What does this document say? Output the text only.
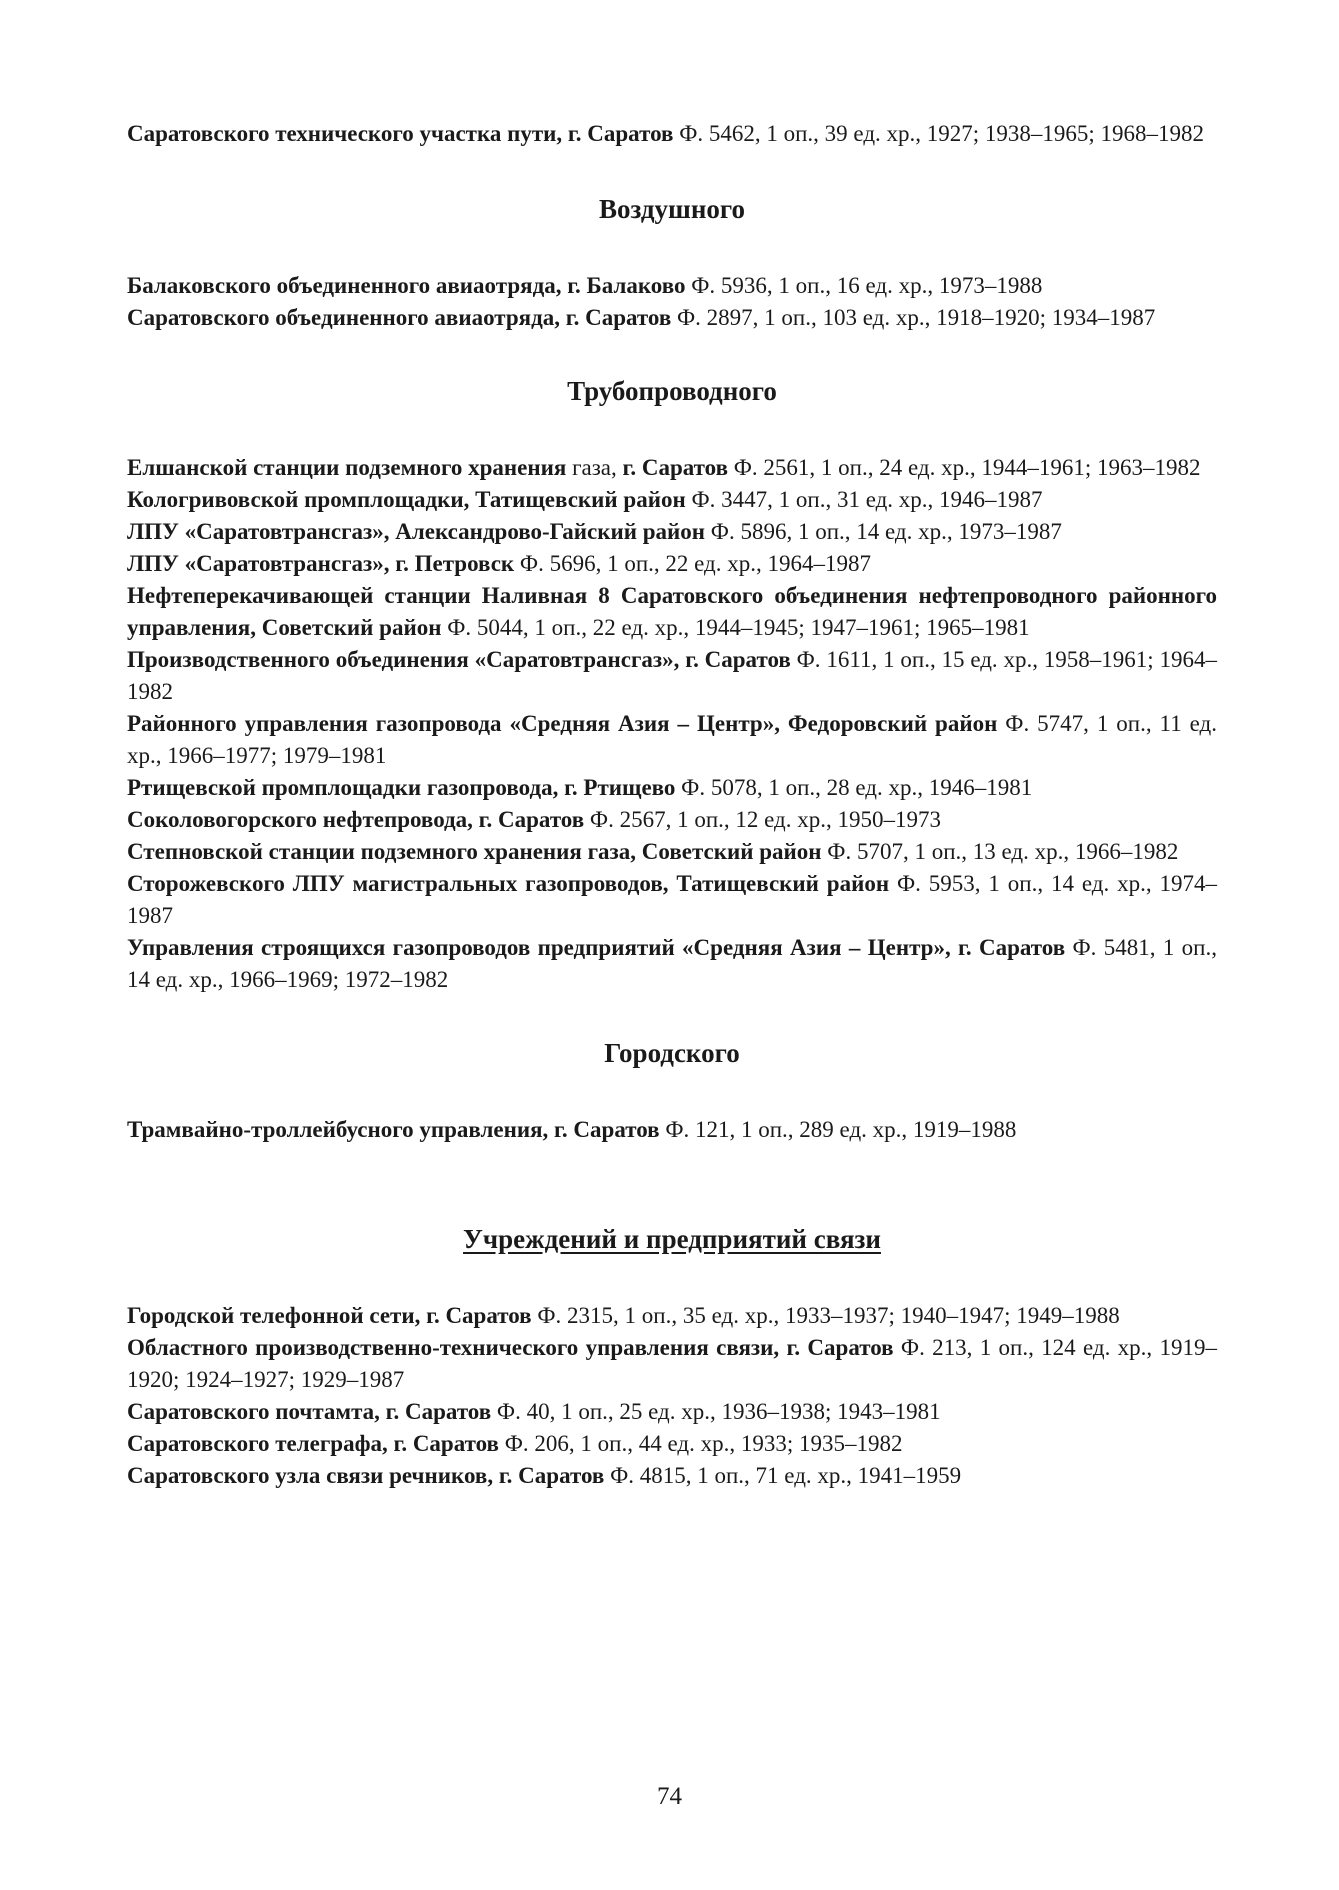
Саратовского технического участка пути, г. Саратов Ф. 5462, 1 оп., 39 ед. хр., 1927; 1938–1965; 1968–1982

Воздушного

Балаковского объединенного авиаотряда, г. Балаково Ф. 5936, 1 оп., 16 ед. хр., 1973–1988

Саратовского объединенного авиаотряда, г. Саратов Ф. 2897, 1 оп., 103 ед. хр., 1918–1920; 1934–1987

Трубопроводного

Елшанской станции подземного хранения газа, г. Саратов Ф. 2561, 1 оп., 24 ед. хр., 1944–1961; 1963–1982

Кологривовской промплощадки, Татищевский район Ф. 3447, 1 оп., 31 ед. хр., 1946–1987

ЛПУ «Саратовтрансгаз», Александрово-Гайский район Ф. 5896, 1 оп., 14 ед. хр., 1973–1987

ЛПУ «Саратовтрансгаз», г. Петровск Ф. 5696, 1 оп., 22 ед. хр., 1964–1987

Нефтеперекачивающей станции Наливная 8 Саратовского объединения нефтепроводного районного управления, Советский район Ф. 5044, 1 оп., 22 ед. хр., 1944–1945; 1947–1961; 1965–1981

Производственного объединения «Саратовтрансгаз», г. Саратов Ф. 1611, 1 оп., 15 ед. хр., 1958–1961; 1964–1982

Районного управления газопровода «Средняя Азия – Центр», Федоровский район Ф. 5747, 1 оп., 11 ед. хр., 1966–1977; 1979–1981

Ртищевской промплощадки газопровода, г. Ртищево Ф. 5078, 1 оп., 28 ед. хр., 1946–1981

Соколовогорского нефтепровода, г. Саратов Ф. 2567, 1 оп., 12 ед. хр., 1950–1973

Степновской станции подземного хранения газа, Советский район Ф. 5707, 1 оп., 13 ед. хр., 1966–1982

Сторожевского ЛПУ магистральных газопроводов, Татищевский район Ф. 5953, 1 оп., 14 ед. хр., 1974–1987

Управления строящихся газопроводов предприятий «Средняя Азия – Центр», г. Саратов Ф. 5481, 1 оп., 14 ед. хр., 1966–1969; 1972–1982

Городского

Трамвайно-троллейбусного управления, г. Саратов Ф. 121, 1 оп., 289 ед. хр., 1919–1988

Учреждений и предприятий связи

Городской телефонной сети, г. Саратов Ф. 2315, 1 оп., 35 ед. хр., 1933–1937; 1940–1947; 1949–1988

Областного производственно-технического управления связи, г. Саратов Ф. 213, 1 оп., 124 ед. хр., 1919–1920; 1924–1927; 1929–1987

Саратовского почтамта, г. Саратов Ф. 40, 1 оп., 25 ед. хр., 1936–1938; 1943–1981

Саратовского телеграфа, г. Саратов Ф. 206, 1 оп., 44 ед. хр., 1933; 1935–1982

Саратовского узла связи речников, г. Саратов Ф. 4815, 1 оп., 71 ед. хр., 1941–1959

74
